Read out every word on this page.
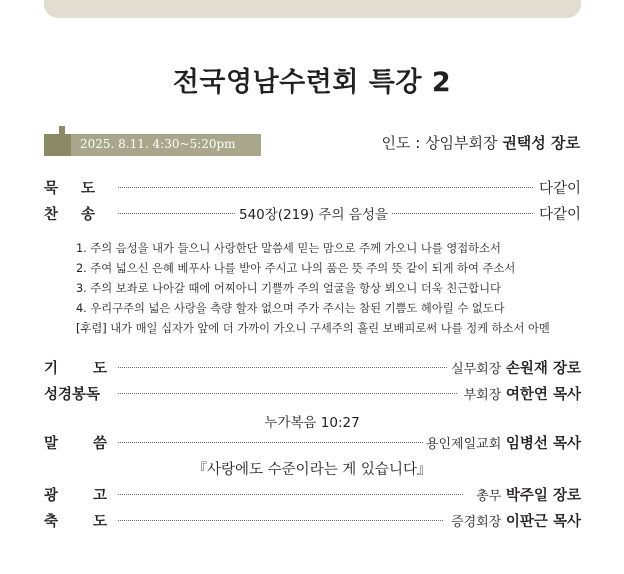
전국영남수련회 특강 2
2025. 8.11. 4:30~5:20pm	인도 : 상임부회장 권택성 장로
묵 도	다같이
찬 송	540장(219) 주의 음성을	다같이
1. 주의 음성을 내가 들으니 사랑한단 말씀세 믿는 맘으로 주께 가오니 나를 영접하소서
2. 주여 넓으신 은혜 베푸사 나를 받아 주시고 나의 품은 뜻 주의 뜻 같이 되게 하여 주소서
3. 주의 보좌로 나아갈 때에 어찌아니 기쁠까 주의 얼굴을 항상 뵈오니 더욱 친근합니다
4. 우리구주의 넓은 사랑을 측량 할자 없으며 주가 주시는 참된 기쁨도 헤아릴 수 없도다
[후렴] 내가 매일 십자가 앞에 더 가까이 가오니 구세주의 흘린 보배피로써 나를 정케 하소서 아멘
기 도	실무회장 손원재 장로
성경봉독	부회장 여한연 목사
누가복음 10:27
말 씀	용인제일교회 임병선 목사
『사랑에도 수준이라는 게 있습니다』
광 고	총무 박주일 장로
축 도	증경회장 이판근 목사
